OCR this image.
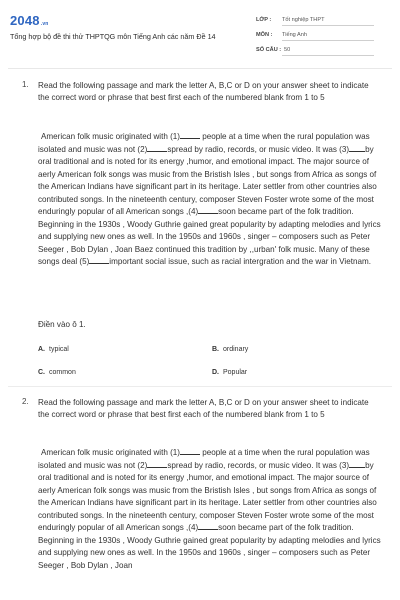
2048.vn
Tổng hợp bộ đề thi thử THPTQG môn Tiếng Anh các năm Đề 14
LỚP : Tốt nghiệp THPT
MÔN : Tiếng Anh
SỐ CÂU : 50
1. Read the following passage and mark the letter A, B,C or D on your answer sheet to indicate the correct word or phrase that best first each of the numbered blank from 1 to 5
American folk music originated with (1) people at a time when the rural population was isolated and music was not (2) spread by radio, records, or music video. It was (3) by oral traditional and is noted for its energy ,humor, and emotional impact. The major source of aerly American folk songs was music from the Bristish Isles , but songs from Africa as songs of the American Indians have significant part in its heritage. Later settler from other countries also contributed songs. In the nineteenth century, composer Steven Foster wrote some of the most enduringly popular of all American songs ,(4) soon became part of the folk tradition. Beginning in the 1930s , Woody Guthrie gained great popularity by adapting melodies and lyrics and supplying new ones as well. In the 1950s and 1960s , singer – composers such as Peter Seeger , Bob Dylan , Joan Baez continued this tradition by ,,urban' folk music. Many of these songs deal (5) important social issue, such as racial intergration and the war in Vietnam.
Điền vào ô 1.
A. typical	B. ordinary
C. common	D. Popular
2. Read the following passage and mark the letter A, B,C or D on your answer sheet to indicate the correct word or phrase that best first each of the numbered blank from 1 to 5
American folk music originated with (1) people at a time when the rural population was isolated and music was not (2) spread by radio, records, or music video. It was (3) by oral traditional and is noted for its energy ,humor, and emotional impact. The major source of aerly American folk songs was music from the Bristish Isles , but songs from Africa as songs of the American Indians have significant part in its heritage. Later settler from other countries also contributed songs. In the nineteenth century, composer Steven Foster wrote some of the most enduringly popular of all American songs ,(4) soon became part of the folk tradition. Beginning in the 1930s , Woody Guthrie gained great popularity by adapting melodies and lyrics and supplying new ones as well. In the 1950s and 1960s , singer – composers such as Peter Seeger , Bob Dylan , Joan
